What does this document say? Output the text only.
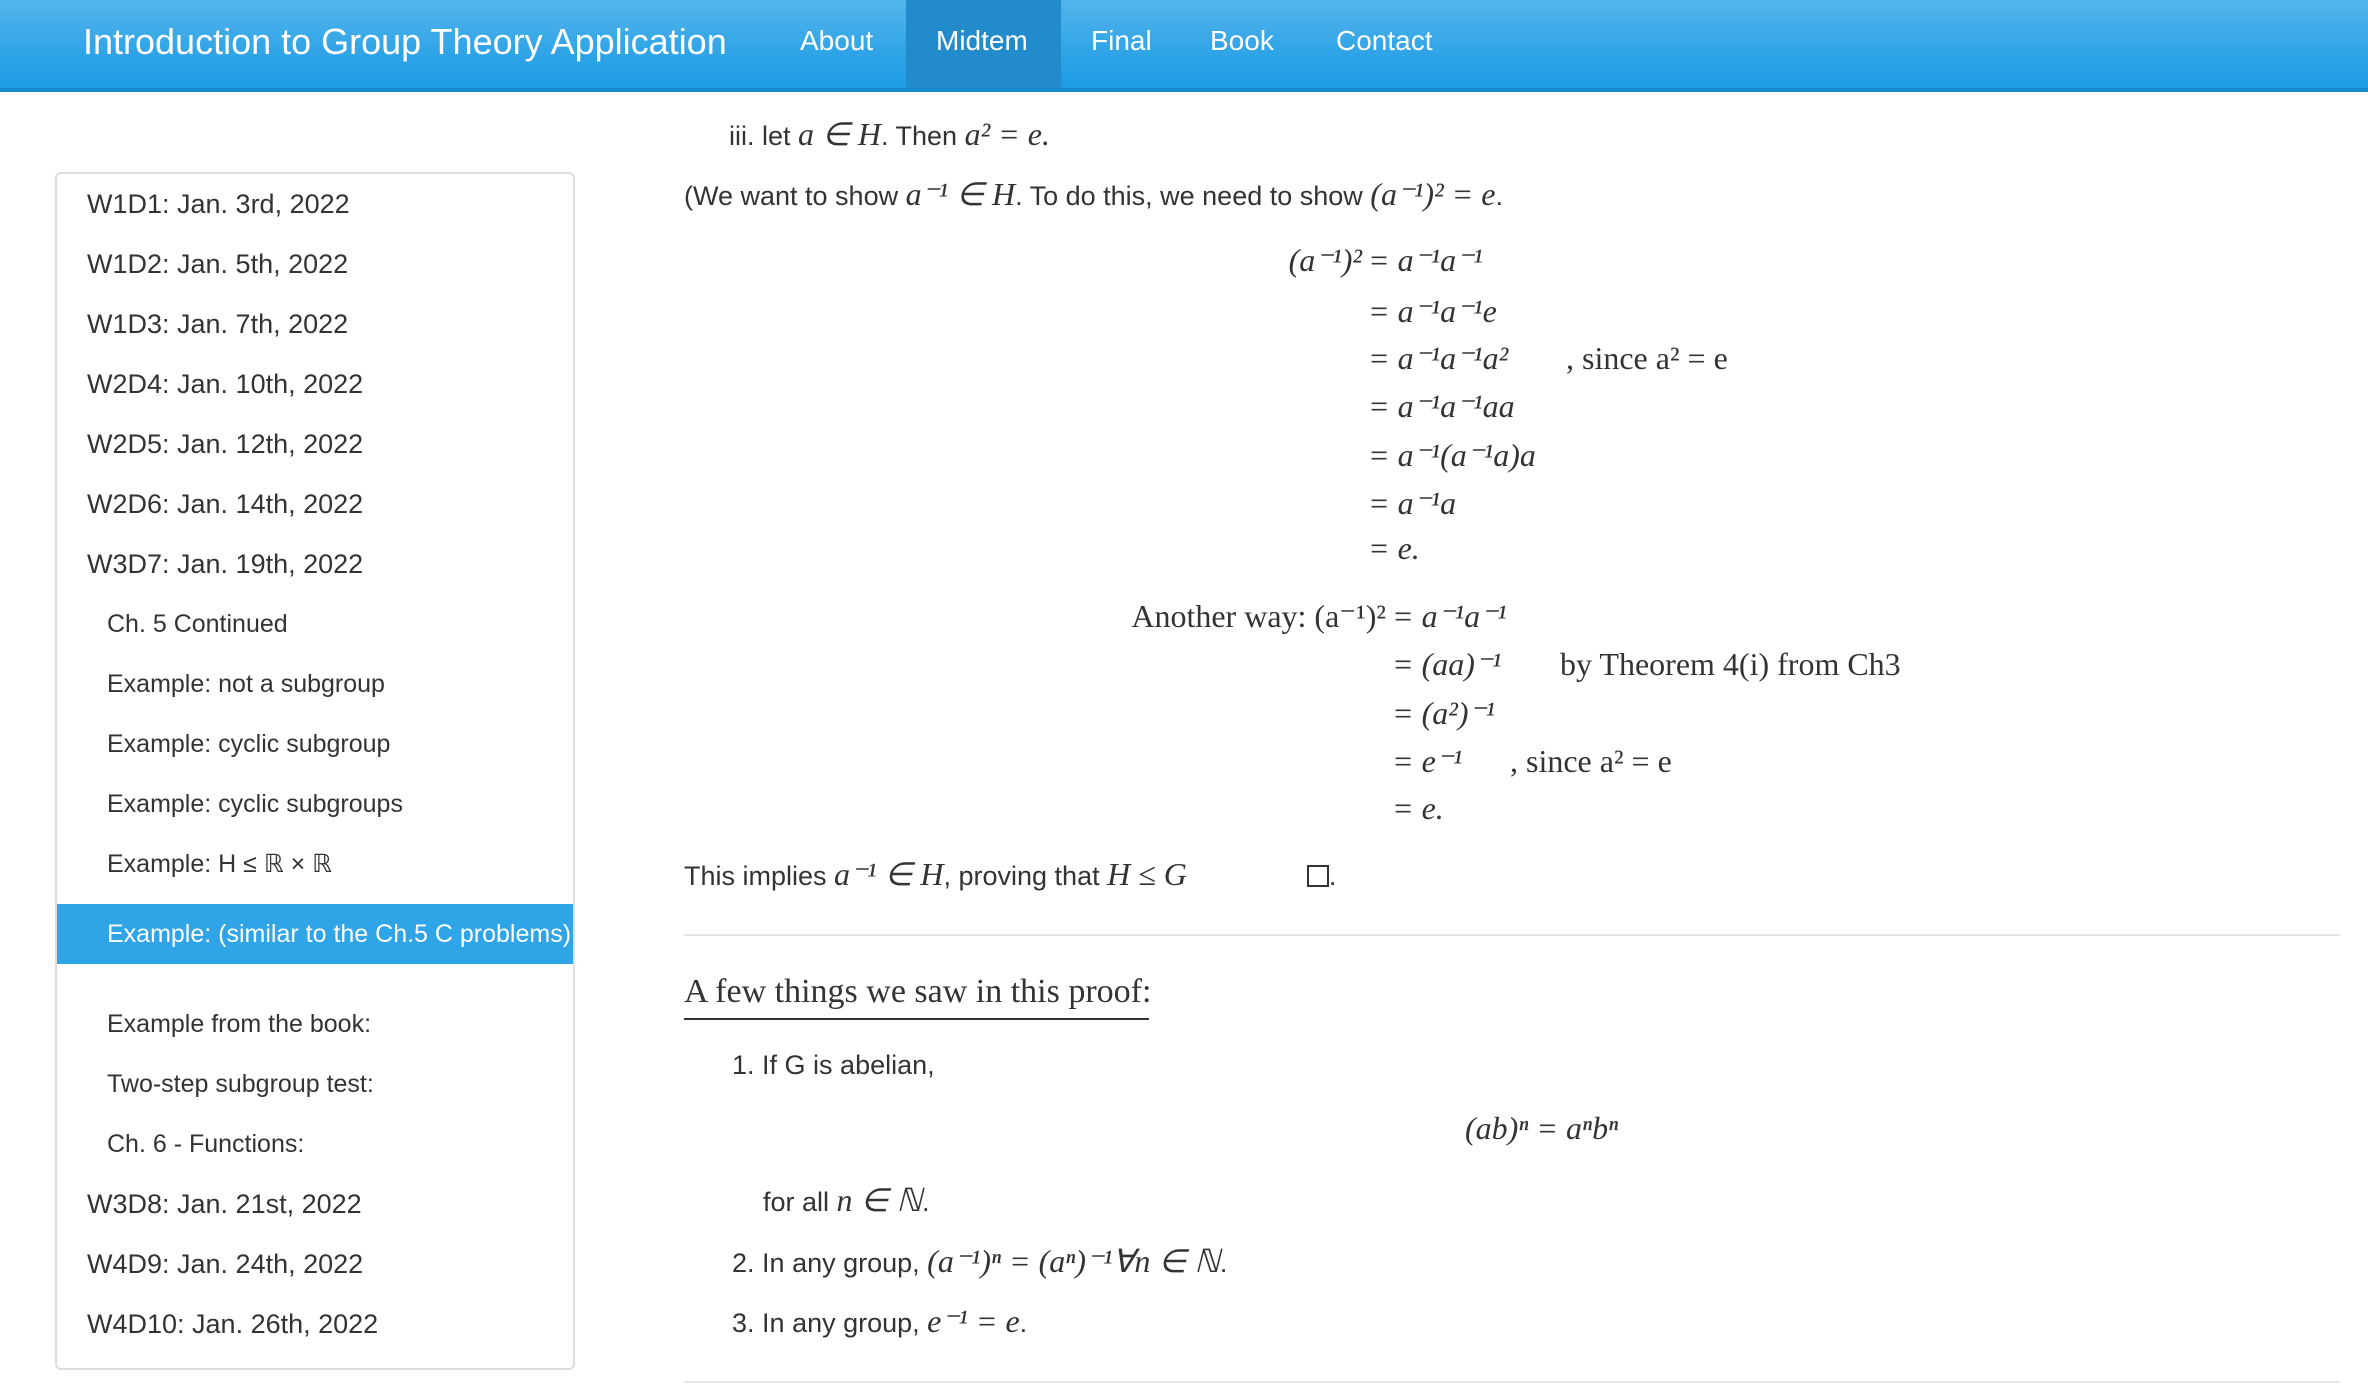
Introduction to Group Theory Application	About	Midtem	Final	Book	Contact
W1D1: Jan. 3rd, 2022
W1D2: Jan. 5th, 2022
W1D3: Jan. 7th, 2022
W2D4: Jan. 10th, 2022
W2D5: Jan. 12th, 2022
W2D6: Jan. 14th, 2022
W3D7: Jan. 19th, 2022
Ch. 5 Continued
Example: not a subgroup
Example: cyclic subgroup
Example: cyclic subgroups
Example: H ≤ ℝ × ℝ
Example: (similar to the Ch.5 C problems)
Example from the book:
Two-step subgroup test:
Ch. 6 - Functions:
W3D8: Jan. 21st, 2022
W4D9: Jan. 24th, 2022
W4D10: Jan. 26th, 2022
iii. let a ∈ H. Then a² = e.
(We want to show a⁻¹ ∈ H. To do this, we need to show (a⁻¹)² = e.
(a⁻¹)² = a⁻¹a⁻¹
= a⁻¹a⁻¹e
= a⁻¹a⁻¹a² , since a² = e
= a⁻¹a⁻¹aa
= a⁻¹(a⁻¹a)a
= a⁻¹a
= e.
Another way: (a⁻¹)² = a⁻¹a⁻¹
= (aa)⁻¹ by Theorem 4(i) from Ch3
= (a²)⁻¹
= e⁻¹ , since a² = e
= e.
This implies a⁻¹ ∈ H, proving that H ≤ G	.
A few things we saw in this proof:
1. If G is abelian,
(ab)ⁿ = aⁿbⁿ
for all n ∈ ℕ.
2. In any group, (a⁻¹)ⁿ = (aⁿ)⁻¹∀n ∈ ℕ.
3. In any group, e⁻¹ = e.
